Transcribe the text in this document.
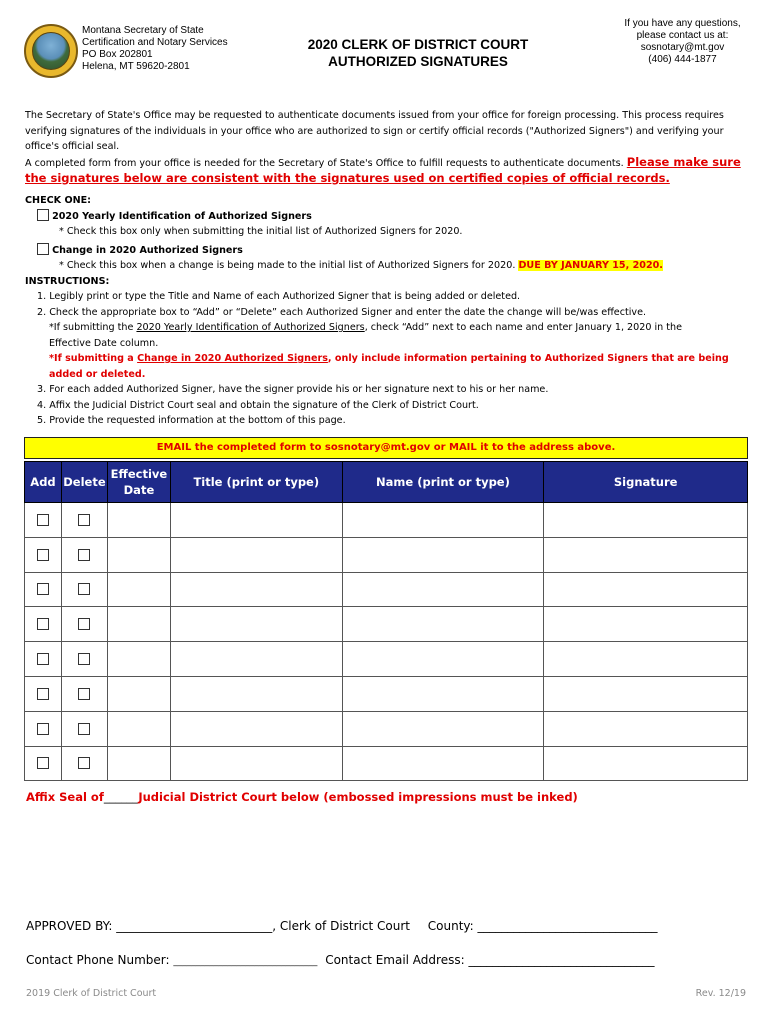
Montana Secretary of State
Certification and Notary Services
PO Box 202801
Helena, MT 59620-2801
2020 CLERK OF DISTRICT COURT
AUTHORIZED SIGNATURES
If you have any questions,
please contact us at:
sosnotary@mt.gov
(406) 444-1877
The Secretary of State's Office may be requested to authenticate documents issued from your office for foreign processing. This process requires verifying signatures of the individuals in your office who are authorized to sign or certify official records ("Authorized Signers") and verifying your office's official seal.
A completed form from your office is needed for the Secretary of State's Office to fulfill requests to authenticate documents. Please make sure the signatures below are consistent with the signatures used on certified copies of official records.
CHECK ONE:
2020 Yearly Identification of Authorized Signers
* Check this box only when submitting the initial list of Authorized Signers for 2020.
Change in 2020 Authorized Signers
* Check this box when a change is being made to the initial list of Authorized Signers for 2020. DUE BY JANUARY 15, 2020.
INSTRUCTIONS:
1. Legibly print or type the Title and Name of each Authorized Signer that is being added or deleted.
2. Check the appropriate box to “Add” or “Delete” each Authorized Signer and enter the date the change will be/was effective.
*If submitting the 2020 Yearly Identification of Authorized Signers, check “Add” next to each name and enter January 1, 2020 in the
Effective Date column.
*If submitting a Change in 2020 Authorized Signers, only include information pertaining to Authorized Signers that are being
added or deleted.
3. For each added Authorized Signer, have the signer provide his or her signature next to his or her name.
4. Affix the Judicial District Court seal and obtain the signature of the Clerk of District Court.
5. Provide the requested information at the bottom of this page.
EMAIL the completed form to sosnotary@mt.gov or MAIL it to the address above.
Add	Delete	Effective
Date	Title (print or type)	Name (print or type)	Signature

Affix Seal of______Judicial District Court below (embossed impressions must be inked)
APPROVED BY: __________________________, Clerk of District Court County: ______________________________
Contact Phone Number: ________________________________ Contact Email Address: _______________________________
2019 Clerk of District Court	Rev. 12/19
